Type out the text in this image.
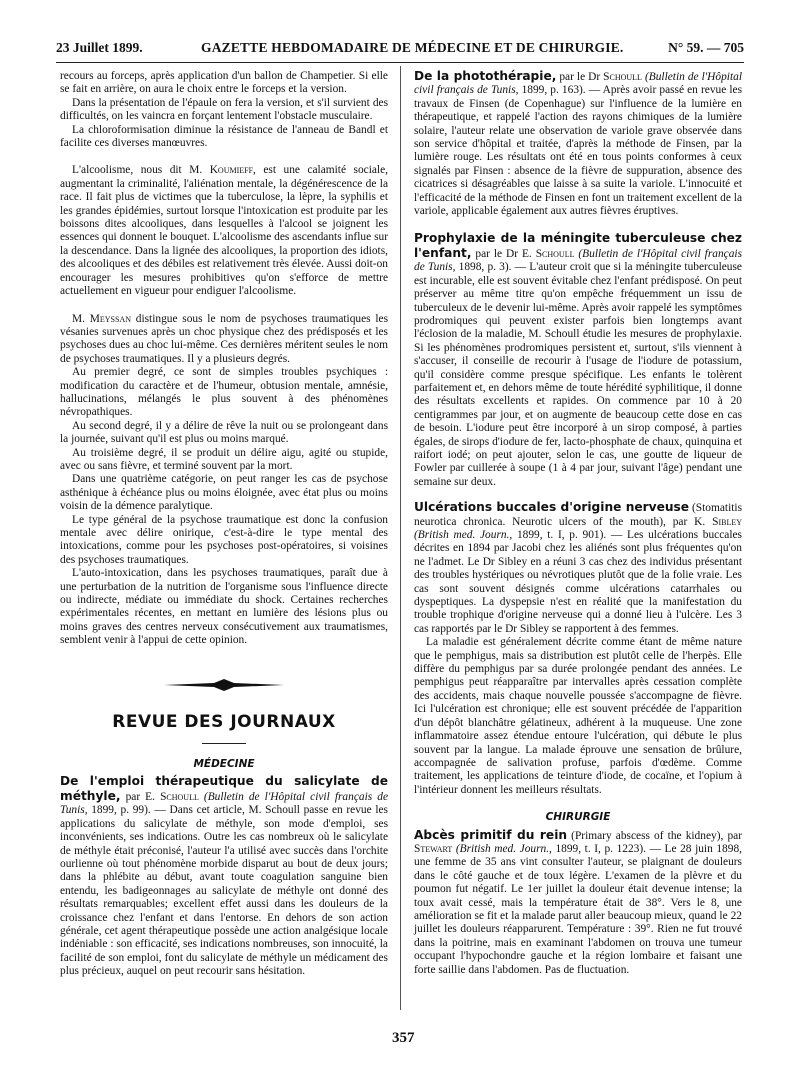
23 Juillet 1899.	GAZETTE HEBDOMADAIRE DE MÉDECINE ET DE CHIRURGIE.	N° 59. — 705

recours au forceps, après application d'un ballon de Champetier. Si elle se fait en arrière, on aura le choix entre le forceps et la version.

Dans la présentation de l'épaule on fera la version, et s'il survient des difficultés, on les vaincra en forçant lentement l'obstacle musculaire.

La chloroformisation diminue la résistance de l'anneau de Bandl et facilite ces diverses manœuvres.

L'alcoolisme, nous dit M. Koumieff, est une calamité sociale, augmentant la criminalité, l'aliénation mentale, la dégénérescence de la race. Il fait plus de victimes que la tuberculose, la lèpre, la syphilis et les grandes épidémies, surtout lorsque l'intoxication est produite par les boissons dites alcooliques, dans lesquelles à l'alcool se joignent les essences qui donnent le bouquet. L'alcoolisme des ascendants influe sur la descendance. Dans la lignée des alcooliques, la proportion des idiots, des alcooliques et des débiles est relativement très élevée. Aussi doit-on encourager les mesures prohibitives qu'on s'efforce de mettre actuellement en vigueur pour endiguer l'alcoolisme.

M. Meyssan distingue sous le nom de psychoses traumatiques les vésanies survenues après un choc physique chez des prédisposés et les psychoses dues au choc lui-même. Ces dernières méritent seules le nom de psychoses traumatiques. Il y a plusieurs degrés.

Au premier degré, ce sont de simples troubles psychiques : modification du caractère et de l'humeur, obtusion mentale, amnésie, hallucinations, mélangés le plus souvent à des phénomènes névropathiques.

Au second degré, il y a délire de rêve la nuit ou se prolongeant dans la journée, suivant qu'il est plus ou moins marqué.

Au troisième degré, il se produit un délire aigu, agité ou stupide, avec ou sans fièvre, et terminé souvent par la mort.

Dans une quatrième catégorie, on peut ranger les cas de psychose asthénique à échéance plus ou moins éloignée, avec état plus ou moins voisin de la démence paralytique.

Le type général de la psychose traumatique est donc la confusion mentale avec délire onirique, c'est-à-dire le type mental des intoxications, comme pour les psychoses post-opératoires, si voisines des psychoses traumatiques.

L'auto-intoxication, dans les psychoses traumatiques, paraît due à une perturbation de la nutrition de l'organisme sous l'influence directe ou indirecte, médiate ou immédiate du shock. Certaines recherches expérimentales récentes, en mettant en lumière des lésions plus ou moins graves des centres nerveux consécutivement aux traumatismes, semblent venir à l'appui de cette opinion.

REVUE DES JOURNAUX
MÉDECINE

De l'emploi thérapeutique du salicylate de méthyle, par E. Schoull (Bulletin de l'Hôpital civil français de Tunis, 1899, p. 99). — Dans cet article, M. Schoull passe en revue les applications du salicylate de méthyle, son mode d'emploi, ses inconvénients, ses indications. Outre les cas nombreux où le salicylate de méthyle était préconisé, l'auteur l'a utilisé avec succès dans l'orchite ourlienne où tout phénomène morbide disparut au bout de deux jours; dans la phlébite au début, avant toute coagulation sanguine bien entendu, les badigeonnages au salicylate de méthyle ont donné des résultats remarquables; excellent effet aussi dans les douleurs de la croissance chez l'enfant et dans l'entorse. En dehors de son action générale, cet agent thérapeutique possède une action analgésique locale indéniable : son efficacité, ses indications nombreuses, son innocuité, la facilité de son emploi, font du salicylate de méthyle un médicament des plus précieux, auquel on peut recourir sans hésitation.

De la photothérapie, par le Dr Schoull (Bulletin de l'Hôpital civil français de Tunis, 1899, p. 163). — Après avoir passé en revue les travaux de Finsen (de Copenhague) sur l'influence de la lumière en thérapeutique, et rappelé l'action des rayons chimiques de la lumière solaire, l'auteur relate une observation de variole grave observée dans son service d'hôpital et traitée, d'après la méthode de Finsen, par la lumière rouge. Les résultats ont été en tous points conformes à ceux signalés par Finsen : absence de la fièvre de suppuration, absence des cicatrices si désagréables que laisse à sa suite la variole. L'innocuité et l'efficacité de la méthode de Finsen en font un traitement excellent de la variole, applicable également aux autres fièvres éruptives.

Prophylaxie de la méningite tuberculeuse chez l'enfant, par le Dr E. Schoull (Bulletin de l'Hôpital civil français de Tunis, 1898, p. 3). — L'auteur croit que si la méningite tuberculeuse est incurable, elle est souvent évitable chez l'enfant prédisposé. On peut préserver au même titre qu'on empêche fréquemment un issu de tuberculeux de le devenir lui-même. Après avoir rappelé les symptômes prodromiques qui peuvent exister parfois bien longtemps avant l'éclosion de la maladie, M. Schoull étudie les mesures de prophylaxie. Si les phénomènes prodromiques persistent et, surtout, s'ils viennent à s'accuser, il conseille de recourir à l'usage de l'iodure de potassium, qu'il considère comme presque spécifique. Les enfants le tolèrent parfaitement et, en dehors même de toute hérédité syphilitique, il donne des résultats excellents et rapides. On commence par 10 à 20 centigrammes par jour, et on augmente de beaucoup cette dose en cas de besoin. L'iodure peut être incorporé à un sirop composé, à parties égales, de sirops d'iodure de fer, lacto-phosphate de chaux, quinquina et raifort iodé; on peut ajouter, selon le cas, une goutte de liqueur de Fowler par cuillerée à soupe (1 à 4 par jour, suivant l'âge) pendant une semaine sur deux.

Ulcérations buccales d'origine nerveuse (Stomatitis neurotica chronica. Neurotic ulcers of the mouth), par K. Sibley (British med. Journ., 1899, t. I, p. 901). — Les ulcérations buccales décrites en 1894 par Jacobi chez les aliénés sont plus fréquentes qu'on ne l'admet. Le Dr Sibley en a réuni 3 cas chez des individus présentant des troubles hystériques ou névrotiques plutôt que de la folie vraie. Les cas sont souvent désignés comme ulcérations catarrhales ou dyspeptiques. La dyspepsie n'est en réalité que la manifestation du trouble trophique d'origine nerveuse qui a donné lieu à l'ulcère. Les 3 cas rapportés par le Dr Sibley se rapportent à des femmes.

La maladie est généralement décrite comme étant de même nature que le pemphigus, mais sa distribution est plutôt celle de l'herpès. Elle diffère du pemphigus par sa durée prolongée pendant des années. Le pemphigus peut réapparaître par intervalles après cessation complète des accidents, mais chaque nouvelle poussée s'accompagne de fièvre. Ici l'ulcération est chronique; elle est souvent précédée de l'apparition d'un dépôt blanchâtre gélatineux, adhérent à la muqueuse. Une zone inflammatoire assez étendue entoure l'ulcération, qui débute le plus souvent par la langue. La malade éprouve une sensation de brûlure, accompagnée de salivation profuse, parfois d'œdème. Comme traitement, les applications de teinture d'iode, de cocaïne, et l'opium à l'intérieur donnent les meilleurs résultats.

CHIRURGIE

Abcès primitif du rein (Primary abscess of the kidney), par Stewart (British med. Journ., 1899, t. I, p. 1223). — Le 28 juin 1898, une femme de 35 ans vint consulter l'auteur, se plaignant de douleurs dans le côté gauche et de toux légère. L'examen de la plèvre et du poumon fut négatif. Le 1er juillet la douleur était devenue intense; la toux avait cessé, mais la température était de 38°. Vers le 8, une amélioration se fit et la malade parut aller beaucoup mieux, quand le 22 juillet les douleurs réapparurent. Température : 39°. Rien ne fut trouvé dans la poitrine, mais en examinant l'abdomen on trouva une tumeur occupant l'hypochondre gauche et la région lombaire et faisant une forte saillie dans l'abdomen. Pas de fluctuation.

357
